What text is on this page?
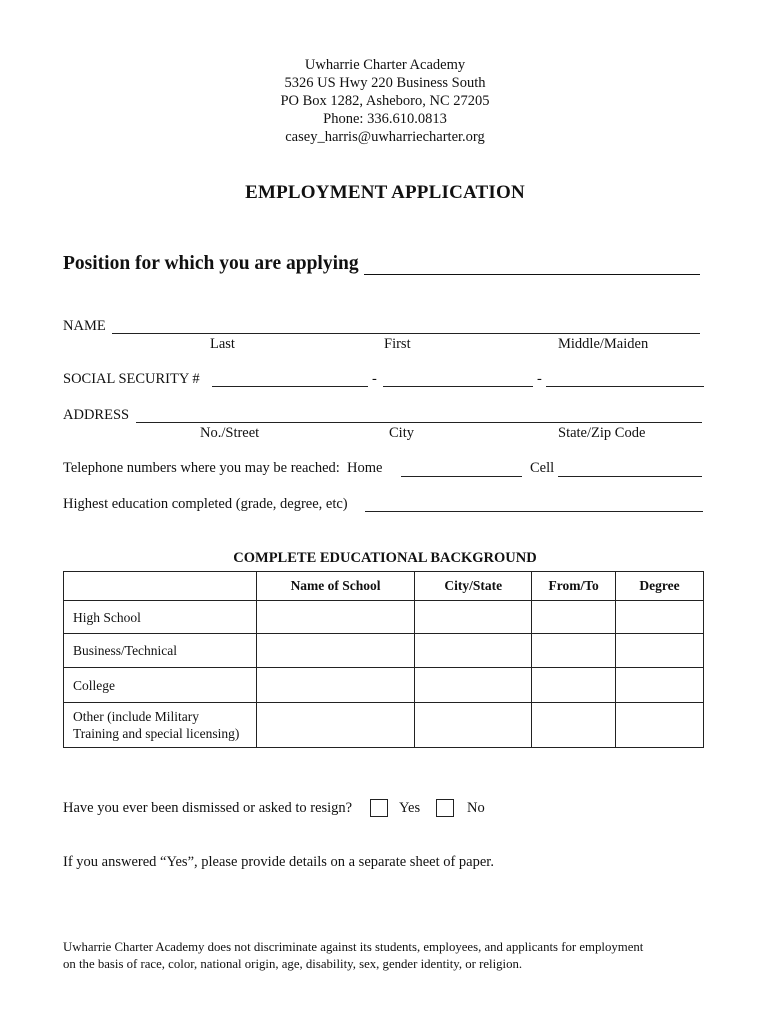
Uwharrie Charter Academy
5326 US Hwy 220 Business South
PO Box 1282, Asheboro, NC 27205
Phone: 336.610.0813
casey_harris@uwharriecharter.org
EMPLOYMENT APPLICATION
Position for which you are applying
NAME
Last	First	Middle/Maiden
SOCIAL SECURITY #	-	-
ADDRESS
No./Street	City	State/Zip Code
Telephone numbers where you may be reached: Home	Cell
Highest education completed (grade, degree, etc)
COMPLETE EDUCATIONAL BACKGROUND
	Name of School	City/State	From/To	Degree
High School				
Business/Technical				
College				

Other (include Military
Training and special licensing)				

Have you ever been dismissed or asked to resign?	Yes	No
If you answered “Yes”, please provide details on a separate sheet of paper.
Uwharrie Charter Academy does not discriminate against its students, employees, and applicants for employment
on the basis of race, color, national origin, age, disability, sex, gender identity, or religion.
